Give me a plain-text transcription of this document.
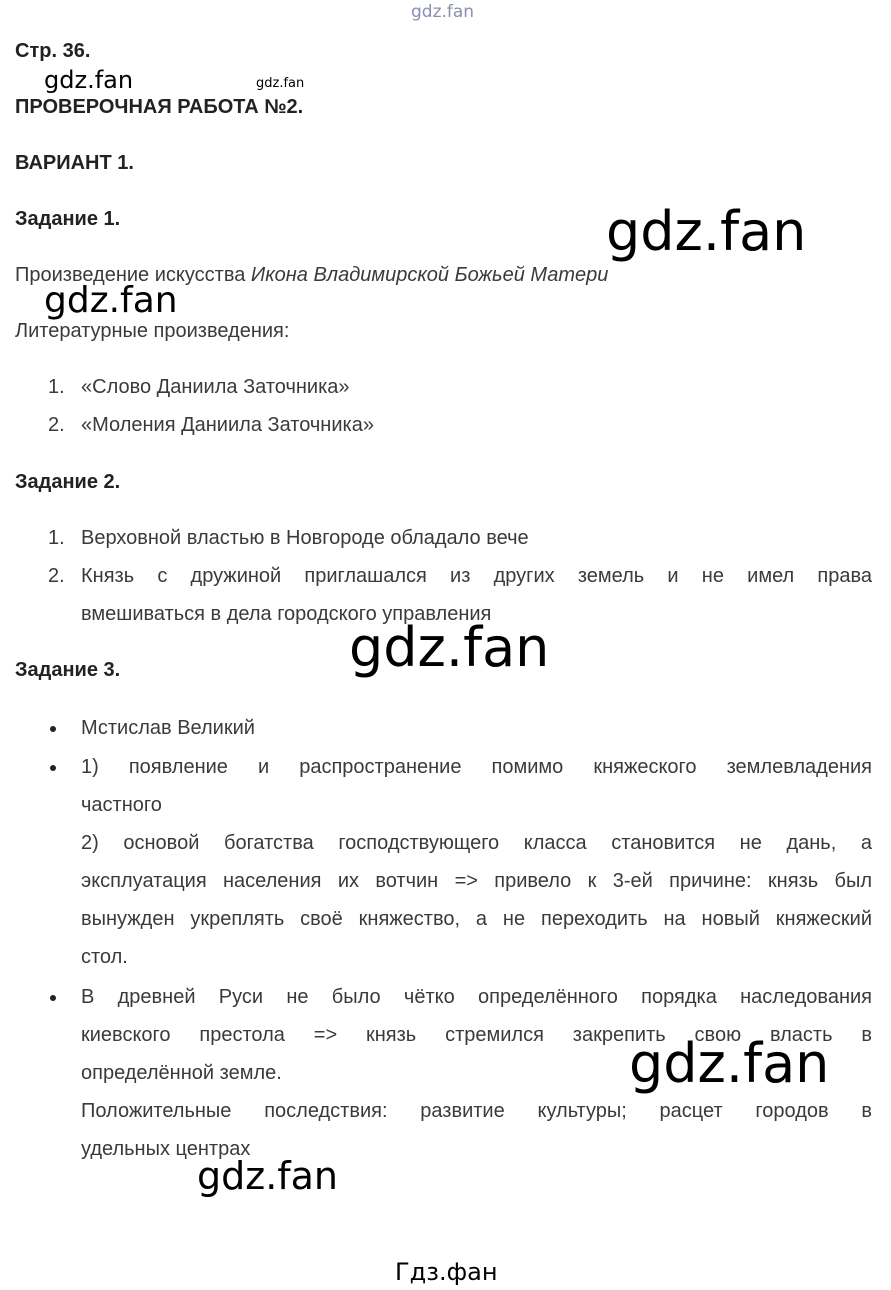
gdz.fan
gdz.fan	gdz.fan
gdz.fan
gdz.fan
gdz.fan
gdz.fan
gdz.fan
Стр. 36.
ПРОВЕРОЧНАЯ РАБОТА №2.
ВАРИАНТ 1.
Задание 1.
Произведение искусства Икона Владимирской Божьей Матери
Литературные произведения:
1. «Слово Даниила Заточника»
2. «Моления Даниила Заточника»
Задание 2.
1. Верховной властью в Новгороде обладало вече
2. Князь с дружиной приглашался из других земель и не имел права
вмешиваться в дела городского управления
Задание 3.
Мстислав Великий
1) появление и распространение помимо княжеского землевладения
частного
2) основой богатства господствующего класса становится не дань, а
эксплуатация населения их вотчин => привело к 3-ей причине: князь был
вынужден укреплять своё княжество, а не переходить на новый княжеский
стол.
В древней Руси не было чётко определённого порядка наследования
киевского престола => князь стремился закрепить свою власть в
определённой земле.
Положительные последствия: развитие культуры; расцет городов в
удельных центрах
Гдз.фан
